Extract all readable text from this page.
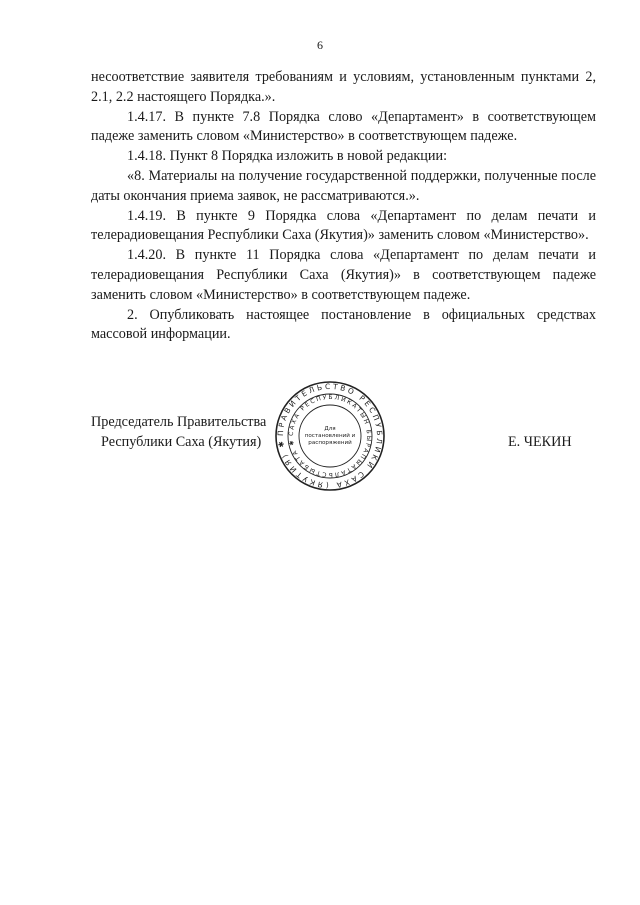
6

несоответствие заявителя требованиям и условиям, установленным пунктами 2, 2.1, 2.2 настоящего Порядка.».

1.4.17. В пункте 7.8 Порядка слово «Департамент» в соответствующем падеже заменить словом «Министерство» в соответствующем падеже.

1.4.18. Пункт 8 Порядка изложить в новой редакции:

«8. Материалы на получение государственной поддержки, полученные после даты окончания приема заявок, не рассматриваются.».

1.4.19. В пункте 9 Порядка слова «Департамент по делам печати и телерадиовещания Республики Саха (Якутия)» заменить словом «Министерство».

1.4.20. В пункте 11 Порядка слова «Департамент по делам печати и телерадиовещания Республики Саха (Якутия)» в соответствующем падеже заменить словом «Министерство» в соответствующем падеже.

2. Опубликовать настоящее постановление в официальных средствах массовой информации.

Председатель Правительства
Республики Саха (Якутия)	Е. ЧЕКИН
ПРАВИТЕЛЬСТВО РЕСПУБЛИКИ САХА (ЯКУТИЯ) ✱
САХА РЕСПУБЛИКАТЫН БЫРАПЫАТАЛЬСТЫБАТА ✱
Для
постановлений и
распоряжений
